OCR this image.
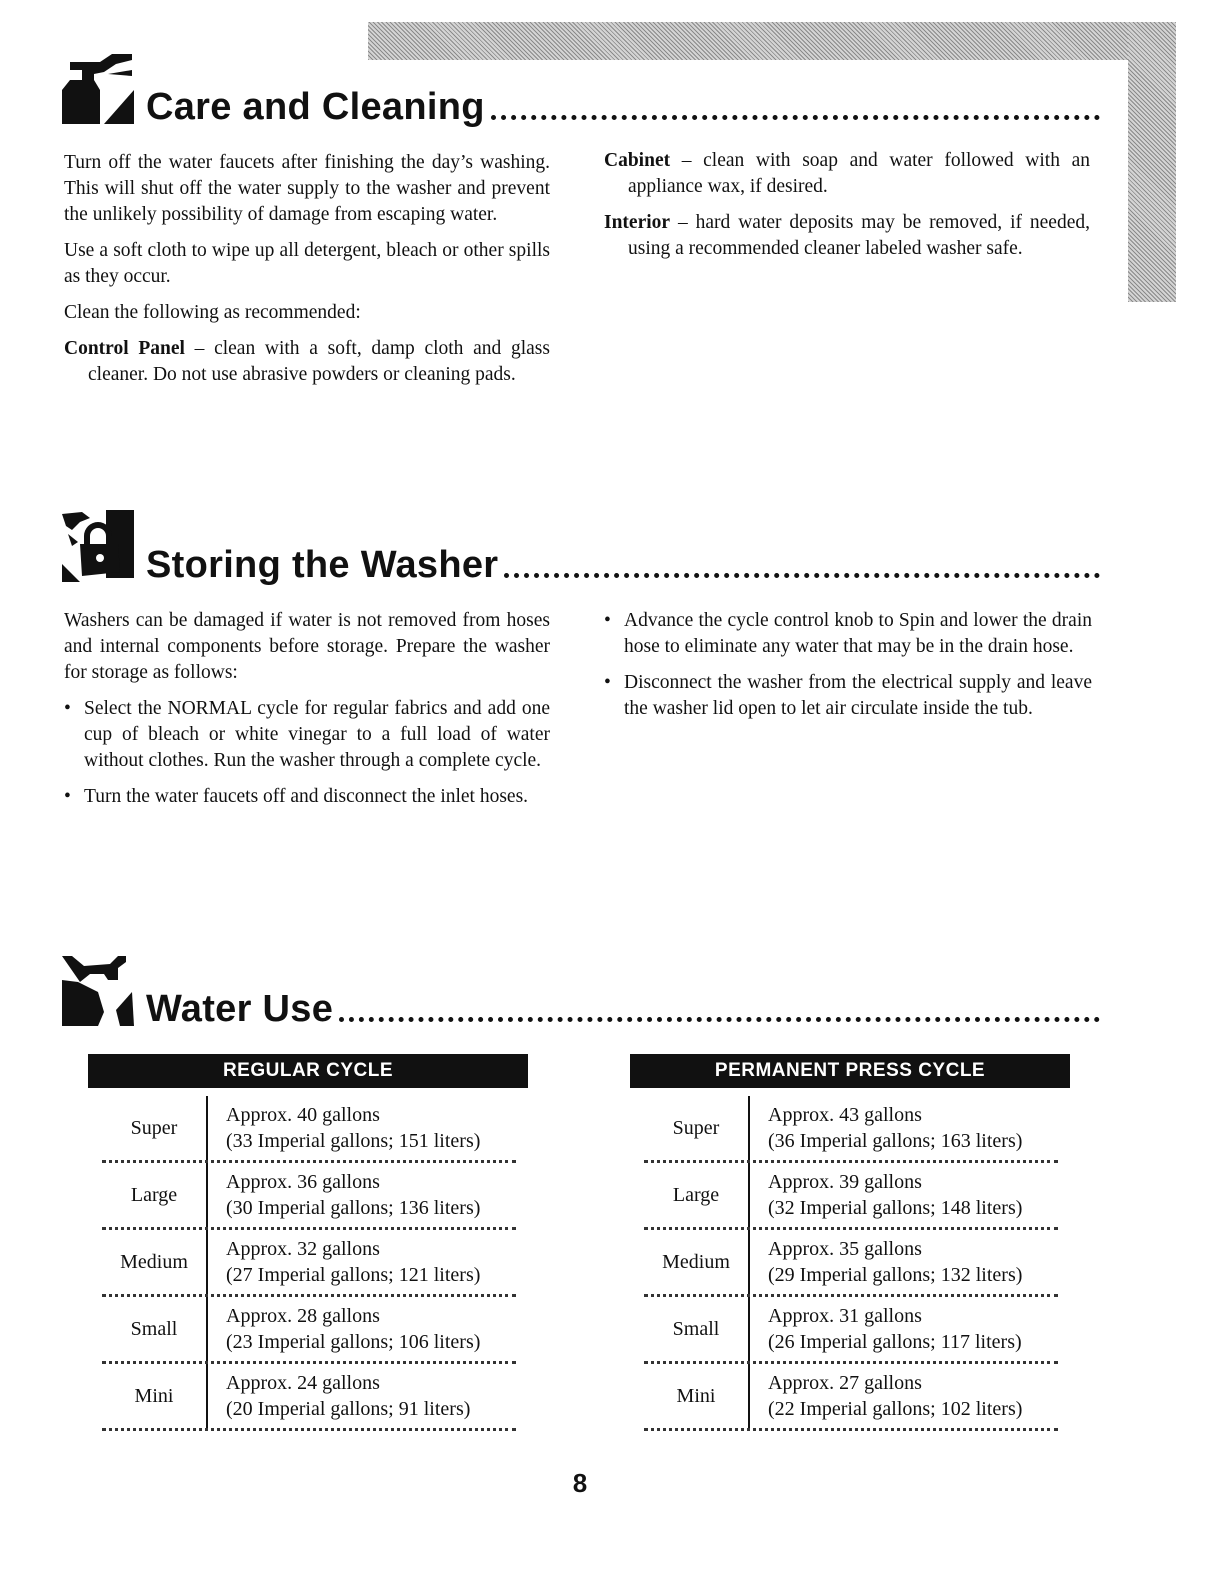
Care and Cleaning

Turn off the water faucets after finishing the day’s washing. This will shut off the water supply to the washer and prevent the unlikely possibility of damage from escaping water.

Use a soft cloth to wipe up all detergent, bleach or other spills as they occur.

Clean the following as recommended:

Control Panel – clean with a soft, damp cloth and glass cleaner. Do not use abrasive powders or cleaning pads.

Cabinet – clean with soap and water followed with an appliance wax, if desired.

Interior – hard water deposits may be removed, if needed, using a recommended cleaner labeled washer safe.

Storing the Washer

Washers can be damaged if water is not removed from hoses and internal components before storage. Prepare the washer for storage as follows:

• Select the NORMAL cycle for regular fabrics and add one cup of bleach or white vinegar to a full load of water without clothes. Run the washer through a complete cycle.
• Turn the water faucets off and disconnect the inlet hoses.
• Advance the cycle control knob to Spin and lower the drain hose to eliminate any water that may be in the drain hose.
• Disconnect the washer from the electrical supply and leave the washer lid open to let air circulate inside the tub.
Water Use
REGULAR CYCLE
Super
Approx. 40 gallons
(33 Imperial gallons; 151 liters)
Large
Approx. 36 gallons
(30 Imperial gallons; 136 liters)
Medium
Approx. 32 gallons
(27 Imperial gallons; 121 liters)
Small
Approx. 28 gallons
(23 Imperial gallons; 106 liters)
Mini
Approx. 24 gallons
(20 Imperial gallons; 91 liters)
PERMANENT PRESS CYCLE
Super
Approx. 43 gallons
(36 Imperial gallons; 163 liters)
Large
Approx. 39 gallons
(32 Imperial gallons; 148 liters)
Medium
Approx. 35 gallons
(29 Imperial gallons; 132 liters)
Small
Approx. 31 gallons
(26 Imperial gallons; 117 liters)
Mini
Approx. 27 gallons
(22 Imperial gallons; 102 liters)
8
